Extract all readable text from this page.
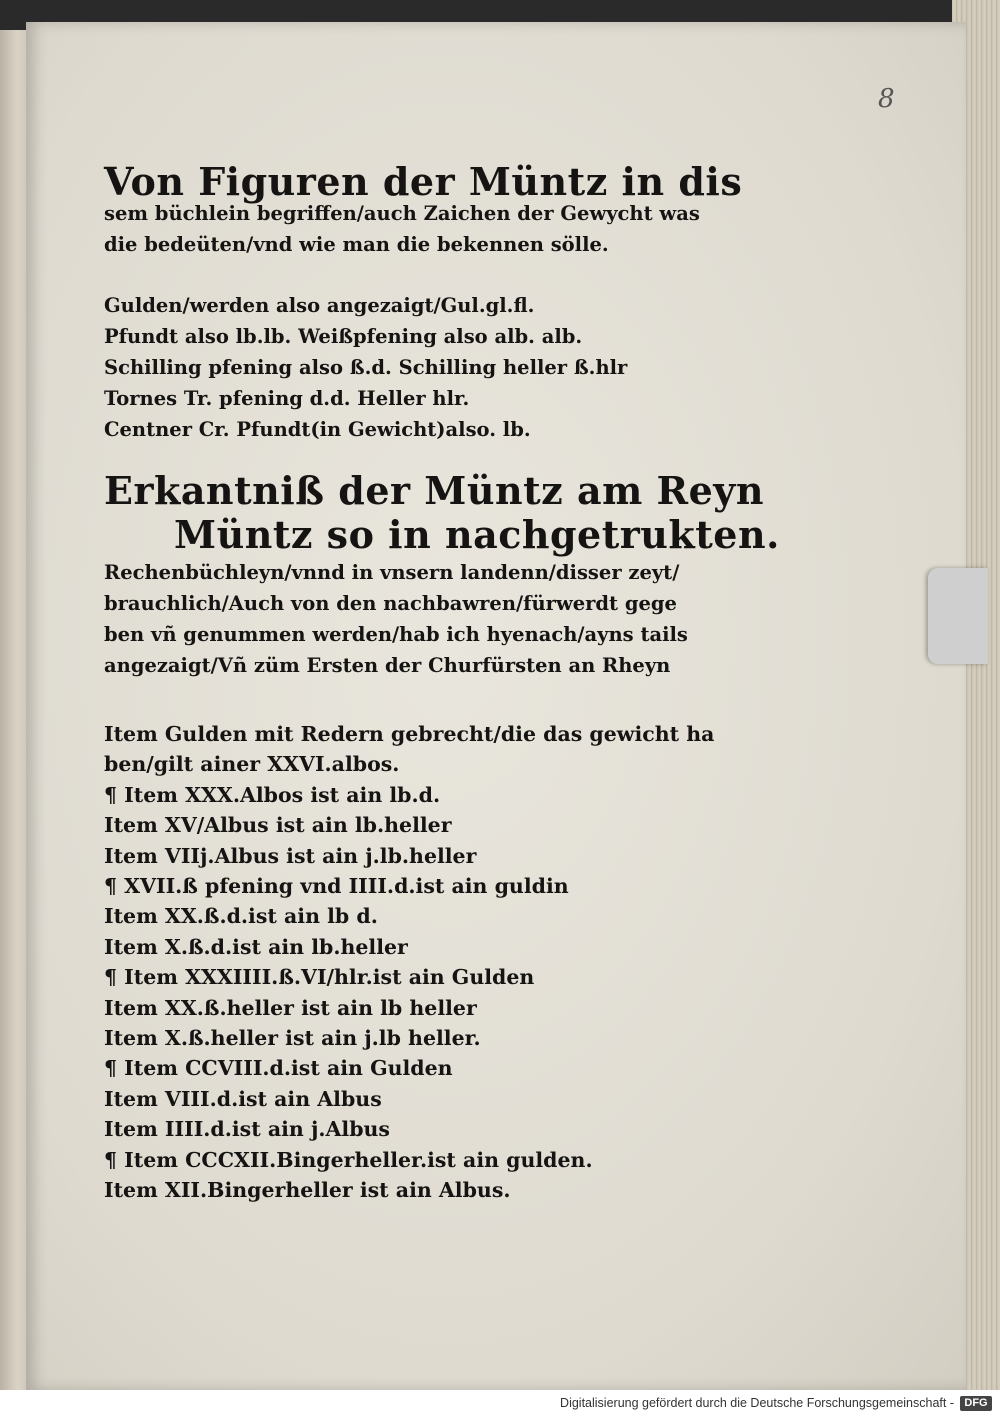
8
Von Figuren der Müntz in dis
sem büchlein begriffen/auch Zaichen der Gewycht was
die bedeüten/vnd wie man die bekennen sölle.
Gulden/werden also angezaigt/Gul.gl.fl.
Pfundt also lb.lb. Weißpfening also alb. alb.
Schilling pfening also ß.d. Schilling heller ß.hlr
Tornes Tr. pfening d.d. Heller hlr.
Centner Cr. Pfundt(in Gewicht)also. lb.
Erkantniß der Müntz am Reyn
Müntz so in nachgetrukten.
Rechenbüchleyn/vnnd in vnsern landenn/disser zeyt/
brauchlich/Auch von den nachbawren/fürwerdt gege
ben vñ genummen werden/hab ich hyenach/ayns tails
angezaigt/Vñ züm Ersten der Churfürsten an Rheyn
Item Gulden mit Redern gebrecht/die das gewicht ha
ben/gilt ainer XXVI.albos.
¶ Item XXX.Albos ist ain lb.d.
Item XV/Albus ist ain lb.heller
Item VIIj.Albus ist ain j.lb.heller
¶ XVII.ß pfening vnd IIII.d.ist ain guldin
Item XX.ß.d.ist ain lb d.
Item X.ß.d.ist ain lb.heller
¶ Item XXXIIII.ß.VI/hlr.ist ain Gulden
Item XX.ß.heller ist ain lb heller
Item X.ß.heller ist ain j.lb heller.
¶ Item CCVIII.d.ist ain Gulden
Item VIII.d.ist ain Albus
Item IIII.d.ist ain j.Albus
¶ Item CCCXII.Bingerheller.ist ain gulden.
Item XII.Bingerheller ist ain Albus.
Digitalisierung gefördert durch die Deutsche Forschungsgemeinschaft - DFG
